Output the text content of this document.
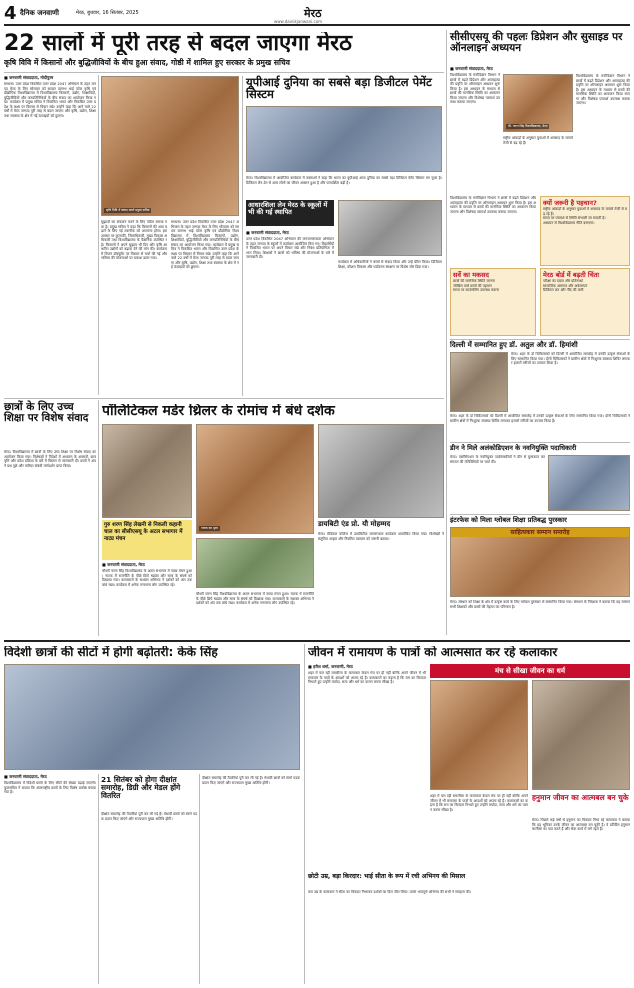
4 दैनिक जनवाणी	मेरठ, बुधवार, 16 सितंबर, 2025	मेरठ
www.dainikjanwani.com
22 सालों में पूरी तरह से बदल जाएगा मेरठ
कृषि विवि में किसानों और बुद्धिजीवियों के बीच हुआ संवाद, गोष्ठी में शामिल हुए सरकार के प्रमुख सचिव
■ जनवाणी संवाददाता, मोदीपुरम
सरधना। उत्तर प्रदेश विकसित उत्तर प्रदेश 2047 अभियान के तहत जनपद मेरठ के लिए सोमवार को सरदार वल्लभ भाई पटेल कृषि एवं प्रौद्योगिक विश्वविद्यालय में विश्वविद्यालय किसानों, उद्योग, शिक्षाविदों, बुद्धिजीवियों और जनप्रतिनिधियों के बीच संवाद का आयोजन किया गया। कार्यक्रम में प्रमुख सचिव ने विकसित भारत और विकसित उत्तर प्रदेश के लक्ष्य पर विस्तार से विचार रखे। उन्होंने कहा कि आने वाले 22 वर्षों में मेरठ जनपद पूरी तरह से बदल जाएगा और कृषि, उद्योग, शिक्षा तथा स्वास्थ्य के क्षेत्र में नई ऊंचाइयों को छुएगा।
कृषि विवि में संवाद करते प्रमुख सचिव
सुझावों का संकलन करने के लिए पोर्टल बनाया गया है। प्रमुख सचिव ने कहा कि किसानों की आय बढ़ाने के लिए नई तकनीक को अपनाना होगा। इस अवसर पर कुलपति, जिलाधिकारी, मुख्य विकास अधिकारी तथा विश्वविद्यालय के वैज्ञानिक उपस्थित रहे। किसानों ने अपने सुझाव भी दिए और कृषि आधारित उद्योगों को बढ़ावा देने की मांग की। कार्यक्रम में विजन डॉक्यूमेंट पर विस्तार से चर्चा की गई और भविष्य की योजनाओं पर प्रकाश डाला गया।
सरधना। उत्तर प्रदेश विकसित उत्तर प्रदेश 2047 अभियान के तहत जनपद मेरठ के लिए सोमवार को सरदार वल्लभ भाई पटेल कृषि एवं प्रौद्योगिक विश्वविद्यालय में विश्वविद्यालय किसानों, उद्योग, शिक्षाविदों, बुद्धिजीवियों और जनप्रतिनिधियों के बीच संवाद का आयोजन किया गया। कार्यक्रम में प्रमुख सचिव ने विकसित भारत और विकसित उत्तर प्रदेश के लक्ष्य पर विस्तार से विचार रखे। उन्होंने कहा कि आने वाले 22 वर्षों में मेरठ जनपद पूरी तरह से बदल जाएगा और कृषि, उद्योग, शिक्षा तथा स्वास्थ्य के क्षेत्र में नई ऊंचाइयों को छुएगा।
यूपीआई दुनिया का सबसे बड़ा डिजीटल पेमेंट सिस्टम
मेरठ। विश्वविद्यालय में आयोजित कार्यक्रम में वक्ताओं ने कहा कि भारत का यूपीआई आज दुनिया का सबसे बड़ा डिजिटल पेमेंट सिस्टम बन चुका है। डिजिटल लेन-देन से आम लोगों का जीवन आसान हुआ है और पारदर्शिता बढ़ी है।
आधारशिला लेन मेरठ के स्कूलों में भी की गई स्थापित
■ जनवाणी संवाददाता, मेरठ
उत्तर प्रदेश विकसित 2047 अभियान की जनजागरूकता अभियान के तहत जनपद के स्कूलों में कार्यक्रम आयोजित किए गए। विद्यार्थियों ने विकसित भारत पर अपने विचार रखे और निबंध प्रतियोगिता में भाग लिया। शिक्षकों ने छात्रों को भविष्य की योजनाओं के बारे में जानकारी दी।
कार्यक्रम में अधिकारियों ने बच्चों से संवाद किया और उन्हें प्रेरित किया। डिजिटल शिक्षा, कौशल विकास और पर्यावरण संरक्षण पर विशेष जोर दिया गया।
सीसीएसयू की पहलः डिप्रेशन और सुसाइड पर ऑनलाइन अध्ययन
■ जनवाणी संवाददाता, मेरठ
विश्वविद्यालय के मनोविज्ञान विभाग ने छात्रों में बढ़ते डिप्रेशन और आत्महत्या की प्रवृत्ति पर ऑनलाइन अध्ययन शुरू किया है। इस अध्ययन के माध्यम से छात्रों की मानसिक स्थिति का आकलन किया जाएगा और विशेषज्ञ परामर्श उपलब्ध कराया जाएगा।
चौ. चरण सिंह विश्वविद्यालय, मेरठ
विश्वविद्यालय के मनोविज्ञान विभाग ने छात्रों में बढ़ते डिप्रेशन और आत्महत्या की प्रवृत्ति पर ऑनलाइन अध्ययन शुरू किया है। इस अध्ययन के माध्यम से छात्रों की मानसिक स्थिति का आकलन किया जाएगा और विशेषज्ञ परामर्श उपलब्ध कराया जाएगा।
राष्ट्रीय आंकड़ों के अनुसार युवाओं में अवसाद के मामले तेजी से बढ़ रहे हैं।
क्यों जरूरी है पहचान?
राष्ट्रीय आंकड़ों के अनुसार युवाओं में अवसाद के मामले तेजी से बढ़ रहे हैं।
समय पर परामर्श से स्थिति संभाली जा सकती है।
अध्ययन से विश्वविद्यालय नीति बनाएगा।
विश्वविद्यालय के मनोविज्ञान विभाग ने छात्रों में बढ़ते डिप्रेशन और आत्महत्या की प्रवृत्ति पर ऑनलाइन अध्ययन शुरू किया है। इस अध्ययन के माध्यम से छात्रों की मानसिक स्थिति का आकलन किया जाएगा और विशेषज्ञ परामर्श उपलब्ध कराया जाएगा।
सर्वे का मकसद
छात्रों की मानसिक स्थिति जानना
जोखिम वाले छात्रों की पहचान
समय पर काउंसलिंग उपलब्ध कराना
मेरठ बोर्ड में बढ़ती चिंता
परीक्षा का दबाव और प्रतिस्पर्धा
सामाजिक अलगाव और अकेलापन
डिजिटल लत और नींद की कमी
दिल्ली में सम्मानित हुए डॉ. अतुल और डॉ. हिमांशी
मेरठ। शहर के दो चिकित्सकों को दिल्ली में आयोजित समारोह में उनकी उत्कृष्ट सेवाओं के लिए सम्मानित किया गया। दोनों चिकित्सकों ने ग्रामीण क्षेत्रों में निःशुल्क स्वास्थ्य शिविर लगाकर हजारों मरीजों का उपचार किया है।
मेरठ। शहर के दो चिकित्सकों को दिल्ली में आयोजित समारोह में उनकी उत्कृष्ट सेवाओं के लिए सम्मानित किया गया। दोनों चिकित्सकों ने ग्रामीण क्षेत्रों में निःशुल्क स्वास्थ्य शिविर लगाकर हजारों मरीजों का उपचार किया है।
डीन ने मिले अलंकोडिएशन के नवनियुक्ति पदाधिकारी
मेरठ। एसोसिएशन के नवनियुक्त पदाधिकारियों ने डीन से मुलाकात कर संगठन की गतिविधियों पर चर्चा की।
इंटरफेस को मिला ग्लोबल शिक्षा प्रतिबद्ध पुरस्कार
साहित्यकार सम्मान समारोह
मेरठ। संस्थान को शिक्षा के क्षेत्र में उत्कृष्ट कार्य के लिए ग्लोबल पुरस्कार से सम्मानित किया गया। संस्थान के निदेशक ने बताया कि यह सम्मान सभी शिक्षकों और छात्रों की मेहनत का परिणाम है।
छात्रों के लिए उच्च शिक्षा पर विशेष संवाद
मेरठ। विश्वविद्यालय में छात्रों के लिए उच्च शिक्षा पर विशेष संवाद का आयोजन किया गया। विशेषज्ञों ने विदेशों में अध्ययन के अवसरों, छात्रवृत्ति और प्रवेश प्रक्रिया के बारे में विस्तार से जानकारी दी। छात्रों ने अपने प्रश्न पूछे और करियर संबंधी मार्गदर्शन प्राप्त किया।
पॉलिटिकल मर्डर थ्रिलर के रोमांच में बंधे दर्शक
नाटक का दृश्य
गुरु शरण सिंह लेखनी से निकली कहानी चाल का सीसीएसयू के अटल सभागार में नाट्य मंचन
■ जनवाणी संवाददाता, मेरठ
चौधरी चरण सिंह विश्वविद्यालय के अटल सभागार में नाट्य मंचन हुआ। नाटक में राजनीति के पीछे छिपे षड्यंत्र और सत्ता के संघर्ष को दिखाया गया। कलाकारों के सशक्त अभिनय ने दर्शकों को अंत तक बांधे रखा। कार्यक्रम में अनेक गणमान्य लोग उपस्थित रहे।
चौधरी चरण सिंह विश्वविद्यालय के अटल सभागार में नाट्य मंचन हुआ। नाटक में राजनीति के पीछे छिपे षड्यंत्र और सत्ता के संघर्ष को दिखाया गया। कलाकारों के सशक्त अभिनय ने दर्शकों को अंत तक बांधे रखा। कार्यक्रम में अनेक गणमान्य लोग उपस्थित रहे।
डायबिटी एंड प्रो. यौ मोहम्मद
मेरठ। मेडिकल कॉलेज में डायबिटीज जागरूकता कार्यक्रम आयोजित किया गया। विशेषज्ञों ने संतुलित आहार और नियमित व्यायाम को जरूरी बताया।
विदेशी छात्रों की सीटों में होगी बढ़ोतरी: केके सिंह
■ जनवाणी संवाददाता, मेरठ
विश्वविद्यालय में विदेशी छात्रों के लिए सीटों की संख्या बढ़ाई जाएगी। कुलसचिव ने बताया कि अंतरराष्ट्रीय छात्रों के लिए विशेष प्रकोष्ठ बनाया गया है।
21 सितंबर को होगा दीक्षांत समारोह, डिग्री और मेडल होंगे वितरित
दीक्षांत समारोह की तैयारियां पूरी कर ली गई हैं। मेधावी छात्रों को स्वर्ण पदक प्रदान किए जाएंगे और राज्यपाल मुख्य अतिथि होंगी।
दीक्षांत समारोह की तैयारियां पूरी कर ली गई हैं। मेधावी छात्रों को स्वर्ण पदक प्रदान किए जाएंगे और राज्यपाल मुख्य अतिथि होंगी।
जीवन में रामायण के पात्रों को आत्मसात कर रहे कलाकार
■ हरीश शर्मा, जनवाणी, मेरठ
शहर में चल रही रामलीला के कलाकार केवल मंच पर ही नहीं बल्कि अपने जीवन में भी रामायण के पात्रों के आदर्शों को अपना रहे हैं। कलाकारों का कहना है कि राम का किरदार निभाते हुए उन्होंने मर्यादा, सत्य और धर्म का पालन करना सीखा है।
मंच से सीखा जीवन का धर्म
छोटी उम्र, बड़ा किरदार: भाई सीता के रूप में रची अभिनय की मिसाल
कम उम्र के कलाकार ने सीता का किरदार निभाकर दर्शकों का दिल जीत लिया। उनके भावपूर्ण अभिनय की सभी ने सराहना की।
हनुमान जीवन का आत्मबल बन चुके
मेरठ। पिछले कई वर्षों से हनुमान का किरदार निभा रहे कलाकार ने बताया कि यह भूमिका उनके जीवन का आत्मबल बन चुकी है। वे प्रतिदिन हनुमान चालीसा का पाठ करते हैं और सेवा कार्य में लगे रहते हैं।
शहर में चल रही रामलीला के कलाकार केवल मंच पर ही नहीं बल्कि अपने जीवन में भी रामायण के पात्रों के आदर्शों को अपना रहे हैं। कलाकारों का कहना है कि राम का किरदार निभाते हुए उन्होंने मर्यादा, सत्य और धर्म का पालन करना सीखा है।
